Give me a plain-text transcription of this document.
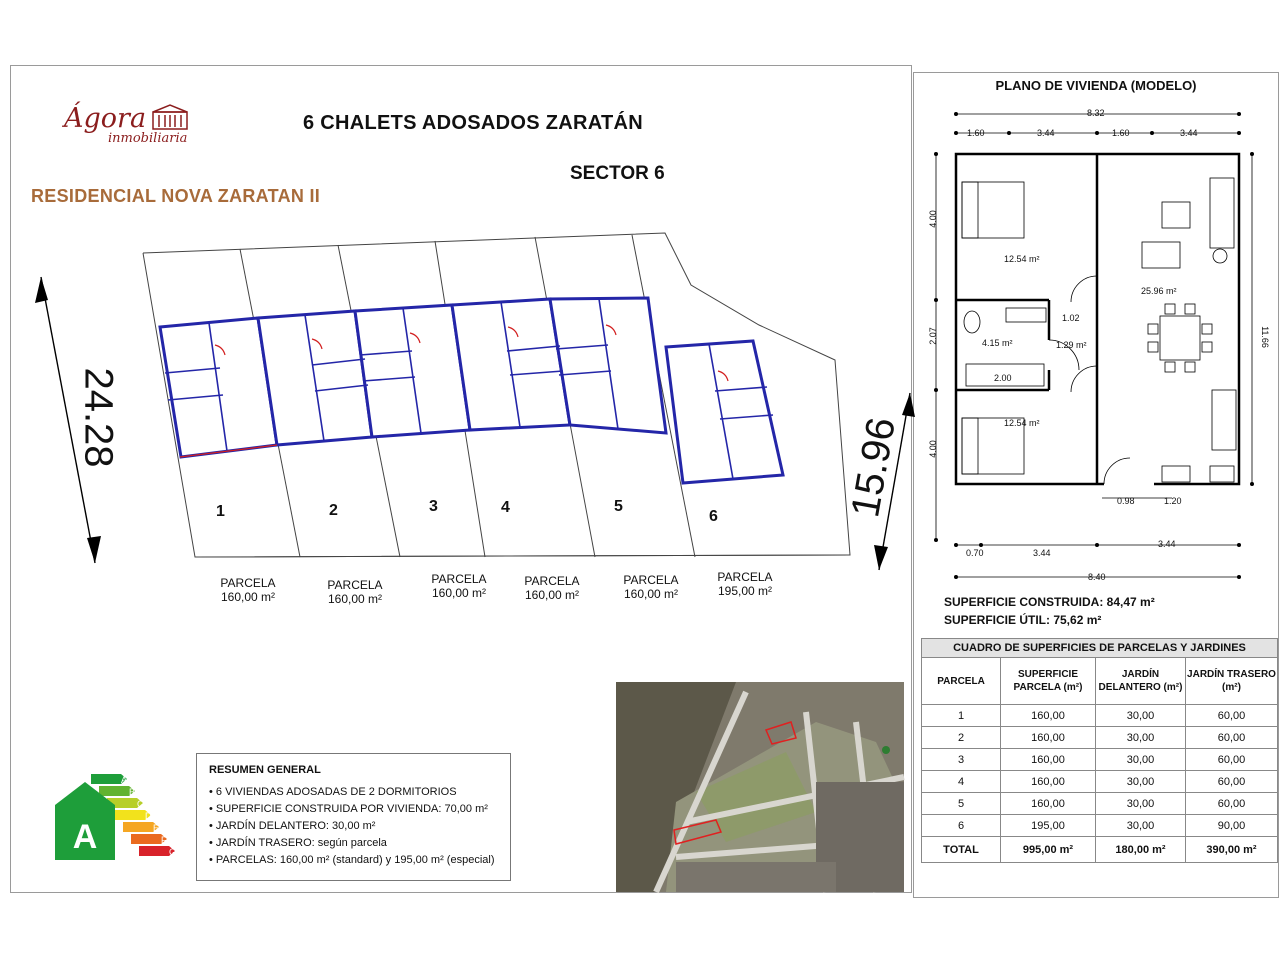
Ágora
inmobiliaria
6 CHALETS ADOSADOS ZARATÁN
SECTOR 6
RESIDENCIAL NOVA ZARATAN II
24.28	15.96
1	2	3	4	5
6
PARCELA
160,00 m²
PARCELA
160,00 m²
PARCELA
160,00 m²
PARCELA
160,00 m²
PARCELA
160,00 m²
PARCELA
195,00 m²
PLANO DE VIVIENDA (MODELO)
8.32
1.60	3.44	1.60	3.44
0.70	3.44
3.44
8.40
4.00
2.07
4.00
11.66
12.54 m²
25.96 m²
4.15 m²	1.29 m²
12.54 m²
1.02
2.00
0.98	1.20
SUPERFICIE CONSTRUIDA: 84,47 m²
SUPERFICIE ÚTIL: 75,62 m²
A
B
C
D
E
F
G
A
RESUMEN GENERAL
• 6 VIVIENDAS ADOSADAS DE 2 DORMITORIOS
• SUPERFICIE CONSTRUIDA POR VIVIENDA: 70,00 m²
• JARDÍN DELANTERO: 30,00 m²
• JARDÍN TRASERO: según parcela
• PARCELAS: 160,00 m² (standard) y 195,00 m² (especial)
CUADRO DE SUPERFICIES DE PARCELAS Y JARDINES			
PARCELA	SUPERFICIE PARCELA (m²)	JARDÍN DELANTERO (m²)	JARDÍN TRASERO (m²)
1	160,00	30,00	60,00
2	160,00	30,00	60,00
3	160,00	30,00	60,00
4	160,00	30,00	60,00
5	160,00	30,00	60,00
6	195,00	30,00	90,00
TOTAL	995,00 m²	180,00 m²	390,00 m²
